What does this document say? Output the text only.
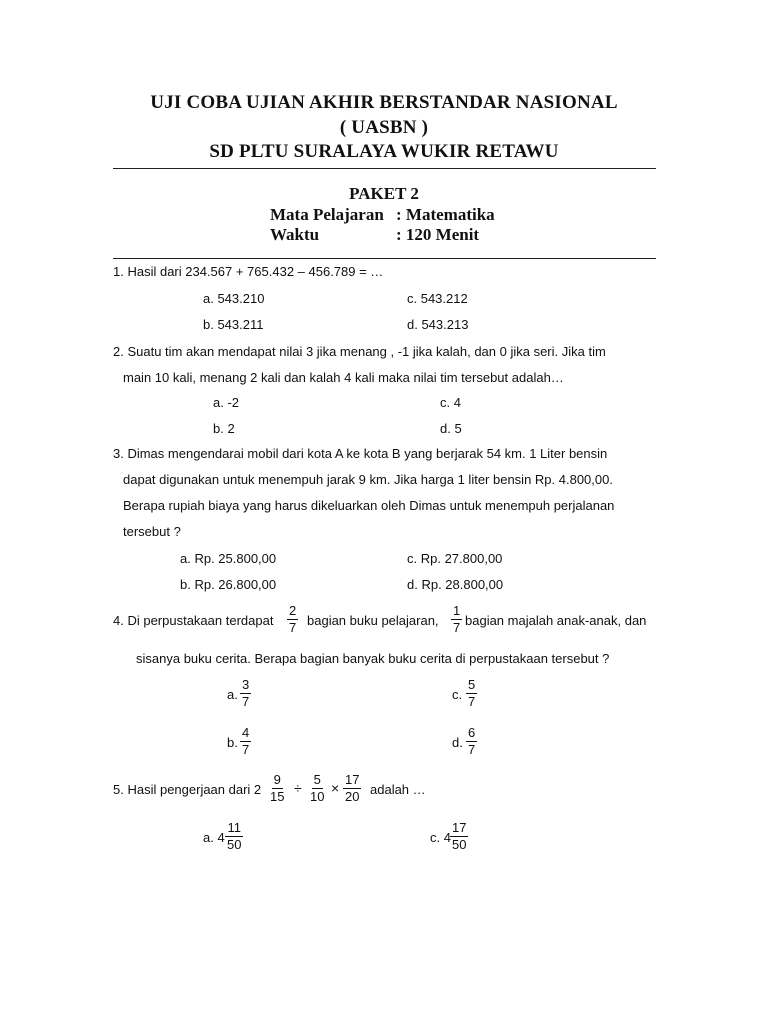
UJI COBA UJIAN AKHIR BERSTANDAR NASIONAL
( UASBN )
SD PLTU SURALAYA WUKIR RETAWU
PAKET 2
Mata Pelajaran : Matematika
Waktu	: 120 Menit
1. Hasil dari 234.567 + 765.432 – 456.789 = …
a. 543.210	c. 543.212
b. 543.211	d. 543.213
2. Suatu tim akan mendapat nilai 3 jika menang , -1 jika kalah, dan 0 jika seri. Jika tim
main 10 kali, menang 2 kali dan kalah 4 kali maka nilai tim tersebut adalah…
a. -2	c. 4
b. 2	d. 5
3. Dimas mengendarai mobil dari kota A ke kota B yang berjarak 54 km. 1 Liter bensin
dapat digunakan untuk menempuh jarak 9 km. Jika harga 1 liter bensin Rp. 4.800,00.
Berapa rupiah biaya yang harus dikeluarkan oleh Dimas untuk menempuh perjalanan
tersebut ?
a. Rp. 25.800,00	c. Rp. 27.800,00
b. Rp. 26.800,00	d. Rp. 28.800,00
4. Di perpustakaan terdapat $\frac{2}{7}$ bagian buku pelajaran, $\frac{1}{7}$ bagian majalah anak-anak, dan
sisanya buku cerita. Berapa bagian banyak buku cerita di perpustakaan tersebut ?
a. $\frac{3}{7}$	c. $\frac{5}{7}$
b. $\frac{4}{7}$	d. $\frac{6}{7}$
5. Hasil pengerjaan dari $2 \frac{9}{15} \div \frac{5}{10} \times \frac{17}{20}$ adalah …
a. $4 \frac{11}{50}$	c. $4 \frac{17}{50}$
